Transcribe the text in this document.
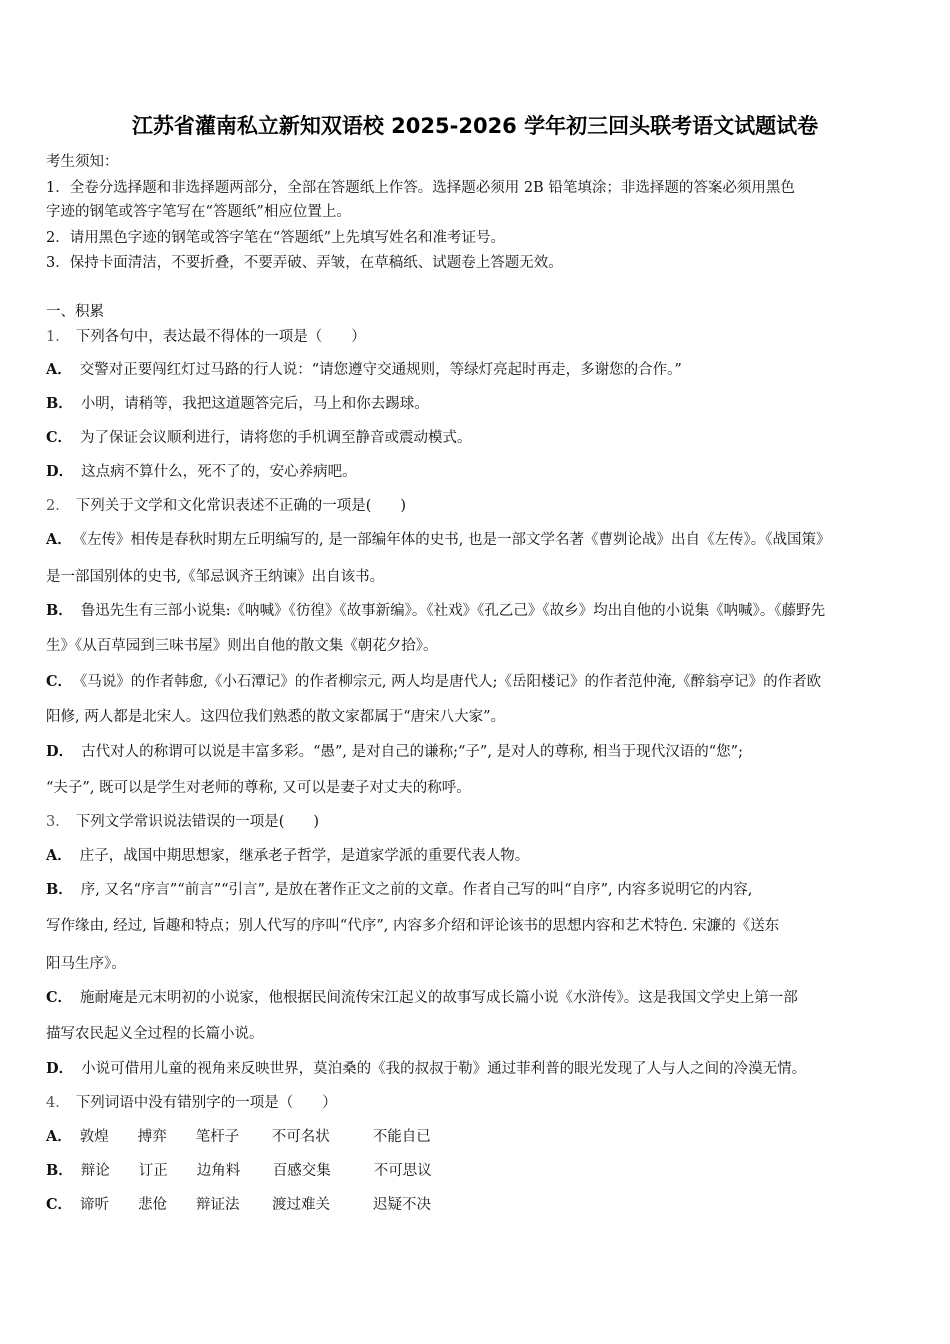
江苏省灌南私立新知双语校 2025-2026 学年初三回头联考语文试题试卷
考生须知：
1．全卷分选择题和非选择题两部分，全部在答题纸上作答。选择题必须用 2B 铅笔填涂；非选择题的答案必须用黑色
字迹的钢笔或答字笔写在“答题纸”相应位置上。
2．请用黑色字迹的钢笔或答字笔在“答题纸”上先填写姓名和准考证号。
3．保持卡面清洁，不要折叠，不要弄破、弄皱，在草稿纸、试题卷上答题无效。
一、积累
1． 下列各句中，表达最不得体的一项是（　　）
A． 交警对正要闯红灯过马路的行人说：“请您遵守交通规则，等绿灯亮起时再走，多谢您的合作。”
B． 小明，请稍等，我把这道题答完后，马上和你去踢球。
C． 为了保证会议顺利进行，请将您的手机调至静音或震动模式。
D． 这点病不算什么，死不了的，安心养病吧。
2． 下列关于文学和文化常识表述不正确的一项是(　　)
A． 《左传》相传是春秋时期左丘明编写的, 是一部编年体的史书, 也是一部文学名著《曹刿论战》出自《左传》。《战国策》
是一部国别体的史书,《邹忌讽齐王纳谏》出自该书。
B． 鲁迅先生有三部小说集:《呐喊》《彷徨》《故事新编》。《社戏》《孔乙己》《故乡》均出自他的小说集《呐喊》。《藤野先
生》《从百草园到三味书屋》则出自他的散文集《朝花夕拾》。
C． 《马说》的作者韩愈,《小石潭记》的作者柳宗元, 两人均是唐代人;《岳阳楼记》的作者范仲淹,《醉翁亭记》的作者欧
阳修, 两人都是北宋人。这四位我们熟悉的散文家都属于“唐宋八大家”。
D． 古代对人的称谓可以说是丰富多彩。“愚”, 是对自己的谦称;“子”, 是对人的尊称, 相当于现代汉语的“您”;
“夫子”, 既可以是学生对老师的尊称, 又可以是妻子对丈夫的称呼。
3． 下列文学常识说法错误的一项是(　　)
A． 庄子，战国中期思想家，继承老子哲学，是道家学派的重要代表人物。
B． 序, 又名“序言”“前言”“引言”, 是放在著作正文之前的文章。作者自己写的叫“自序”, 内容多说明它的内容,
写作缘由, 经过, 旨趣和特点；别人代写的序叫“代序”, 内容多介绍和评论该书的思想内容和艺术特色. 宋濂的《送东
阳马生序》。
C． 施耐庵是元末明初的小说家，他根据民间流传宋江起义的故事写成长篇小说《水浒传》。这是我国文学史上第一部
描写农民起义全过程的长篇小说。
D． 小说可借用儿童的视角来反映世界，莫泊桑的《我的叔叔于勒》通过菲利普的眼光发现了人与人之间的冷漠无情。
4． 下列词语中没有错别字的一项是（　　）
A． 敦煌 搏弈 笔杆子 不可名状	不能自已
B． 辩论 订正 边角料 百感交集	不可思议
C． 谛听 悲伧 辩证法 渡过难关	迟疑不决
